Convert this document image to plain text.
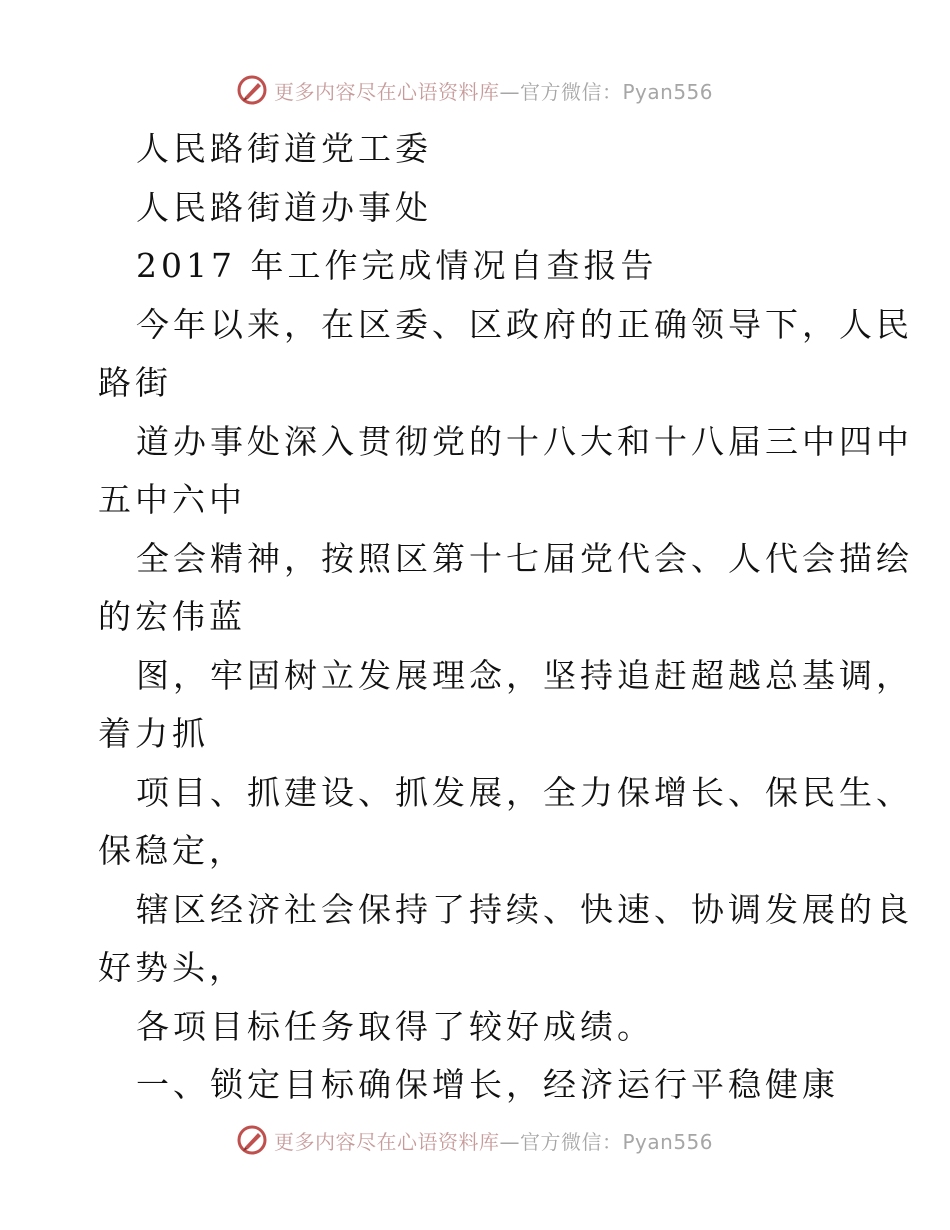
更多内容尽在心语资料库—官方微信：Pyan556
人民路街道党工委
人民路街道办事处
2017 年工作完成情况自查报告
今年以来，在区委、区政府的正确领导下，人民
路街
道办事处深入贯彻党的十八大和十八届三中四中
五中六中
全会精神，按照区第十七届党代会、人代会描绘
的宏伟蓝
图，牢固树立发展理念，坚持追赶超越总基调，
着力抓
项目、抓建设、抓发展，全力保增长、保民生、
保稳定，
辖区经济社会保持了持续、快速、协调发展的良
好势头，
各项目标任务取得了较好成绩。
一、锁定目标确保增长，经济运行平稳健康
更多内容尽在心语资料库—官方微信：Pyan556
